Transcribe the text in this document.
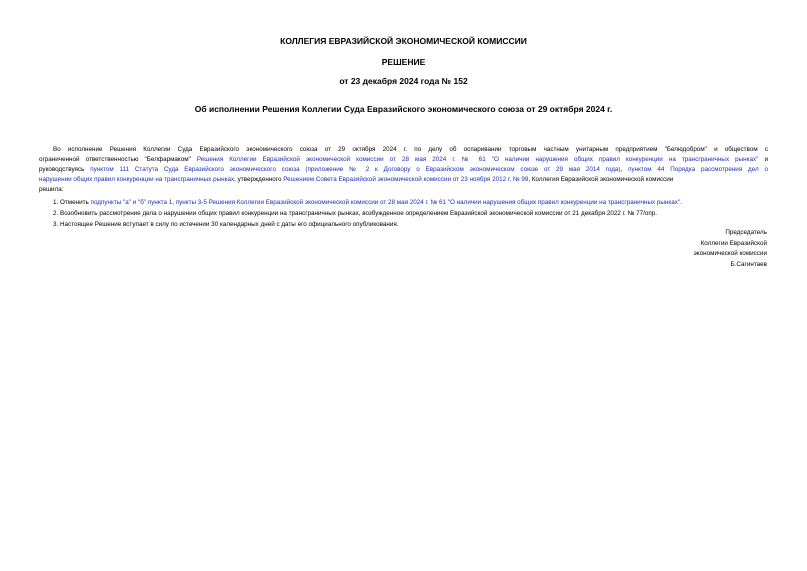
КОЛЛЕГИЯ ЕВРАЗИЙСКОЙ ЭКОНОМИЧЕСКОЙ КОМИССИИ
РЕШЕНИЕ
от 23 декабря 2024 года № 152
Об исполнении Решения Коллегии Суда Евразийского экономического союза от 29 октября 2024 г.
Во исполнение Решения Коллегии Суда Евразийского экономического союза от 29 октября 2024 г. по делу об оспаривании торговым частным унитарным предприятием "Белюдобром" и обществом с
ограниченной ответственностью "Белфармаком" Решения Коллегии Евразийской экономической комиссии от 28 мая 2024 г. № 61 "О наличии нарушения общих правил конкуренции на трансграничных рынках" и
руководствуясь пунктом 111 Статута Суда Евразийского экономического союза (приложение № 2 к Договору о Евразийском экономическом союзе от 29 мая 2014 года), пунктом 44 Порядка рассмотрения дел о
нарушении общих правил конкуренции на трансграничных рынках, утвержденного Решением Совета Евразийской экономической комиссии от 23 ноября 2012 г. № 99, Коллегия Евразийской экономической комиссии
решила:
1. Отменить подпункты "а" и "б" пункта 1, пункты 3-5 Решения Коллегии Евразийской экономической комиссии от 28 мая 2024 г. № 61 "О наличии нарушения общих правил конкуренции на трансграничных рынках".
2. Возобновить рассмотрение дела о нарушении общих правил конкуренции на трансграничных рынках, возбужденное определением Евразийской экономической комиссии от 21 декабря 2022 г. № 77/опр.
3. Настоящее Решение вступает в силу по истечении 30 календарных дней с даты его официального опубликования.
Председатель
Коллегии Евразийской
экономической комиссии
Б.Сагинтаев
